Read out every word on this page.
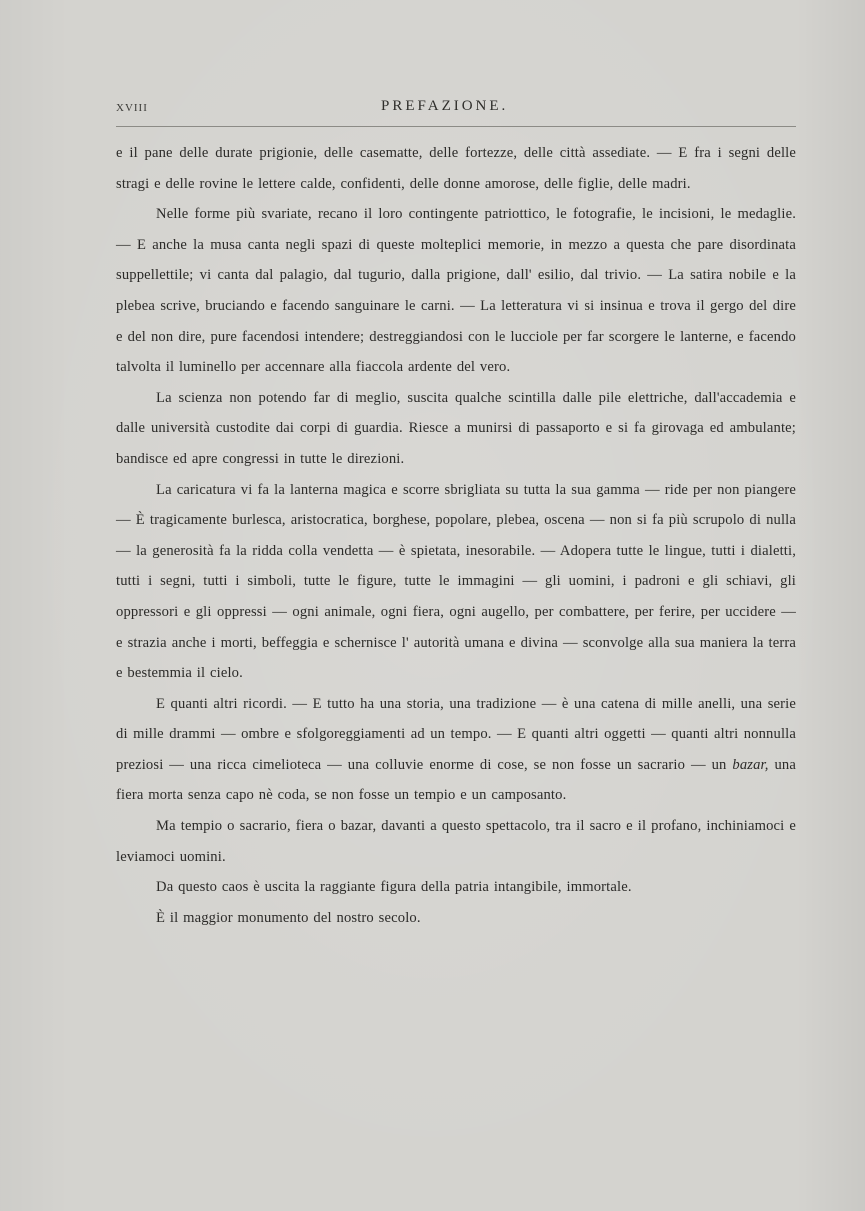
XVIII	PREFAZIONE.

e il pane delle durate prigionie, delle casematte, delle fortezze, delle città assediate. — E fra i segni delle stragi e delle rovine le lettere calde, confidenti, delle donne amorose, delle figlie, delle madri.

Nelle forme più svariate, recano il loro contingente patriottico, le fotografie, le incisioni, le medaglie. — E anche la musa canta negli spazi di queste molteplici memorie, in mezzo a questa che pare disordinata suppellettile; vi canta dal palagio, dal tugurio, dalla prigione, dall' esilio, dal trivio. — La satira nobile e la plebea scrive, bruciando e facendo sanguinare le carni. — La letteratura vi si insinua e trova il gergo del dire e del non dire, pure facendosi intendere; destreggiandosi con le lucciole per far scorgere le lanterne, e facendo talvolta il luminello per accennare alla fiaccola ardente del vero.

La scienza non potendo far di meglio, suscita qualche scintilla dalle pile elettriche, dall'accademia e dalle università custodite dai corpi di guardia. Riesce a munirsi di passaporto e si fa girovaga ed ambulante; bandisce ed apre congressi in tutte le direzioni.

La caricatura vi fa la lanterna magica e scorre sbrigliata su tutta la sua gamma — ride per non piangere — È tragicamente burlesca, aristocratica, borghese, popolare, plebea, oscena — non si fa più scrupolo di nulla — la generosità fa la ridda colla vendetta — è spietata, inesorabile. — Adopera tutte le lingue, tutti i dialetti, tutti i segni, tutti i simboli, tutte le figure, tutte le immagini — gli uomini, i padroni e gli schiavi, gli oppressori e gli oppressi — ogni animale, ogni fiera, ogni augello, per combattere, per ferire, per uccidere — e strazia anche i morti, beffeggia e schernisce l' autorità umana e divina — sconvolge alla sua maniera la terra e bestemmia il cielo.

E quanti altri ricordi. — E tutto ha una storia, una tradizione — è una catena di mille anelli, una serie di mille drammi — ombre e sfolgoreggiamenti ad un tempo. — E quanti altri oggetti — quanti altri nonnulla preziosi — una ricca cimelioteca — una colluvie enorme di cose, se non fosse un sacrario — un bazar, una fiera morta senza capo nè coda, se non fosse un tempio e un camposanto.

Ma tempio o sacrario, fiera o bazar, davanti a questo spettacolo, tra il sacro e il profano, inchiniamoci e leviamoci uomini.

Da questo caos è uscita la raggiante figura della patria intangibile, immortale.

È il maggior monumento del nostro secolo.
